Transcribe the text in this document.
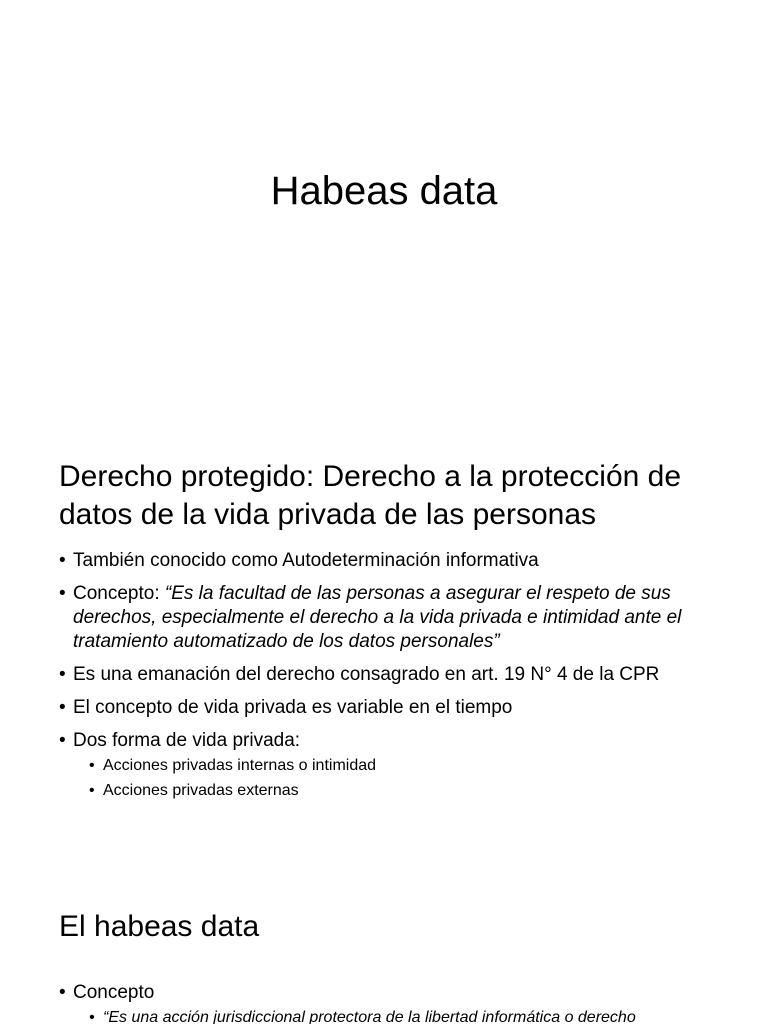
Habeas data
Derecho protegido: Derecho a la protección de datos de la vida privada de las personas
• También conocido como Autodeterminación informativa
• Concepto: “Es la facultad de las personas a asegurar el respeto de sus derechos, especialmente el derecho a la vida privada e intimidad ante el tratamiento automatizado de los datos personales”
• Es una emanación del derecho consagrado en art. 19 N° 4 de la CPR
• El concepto de vida privada es variable en el tiempo
• Dos forma de vida privada:
• Acciones privadas internas o intimidad
• Acciones privadas externas
El habeas data
• Concepto
• “Es una acción jurisdiccional protectora de la libertad informática o derecho
